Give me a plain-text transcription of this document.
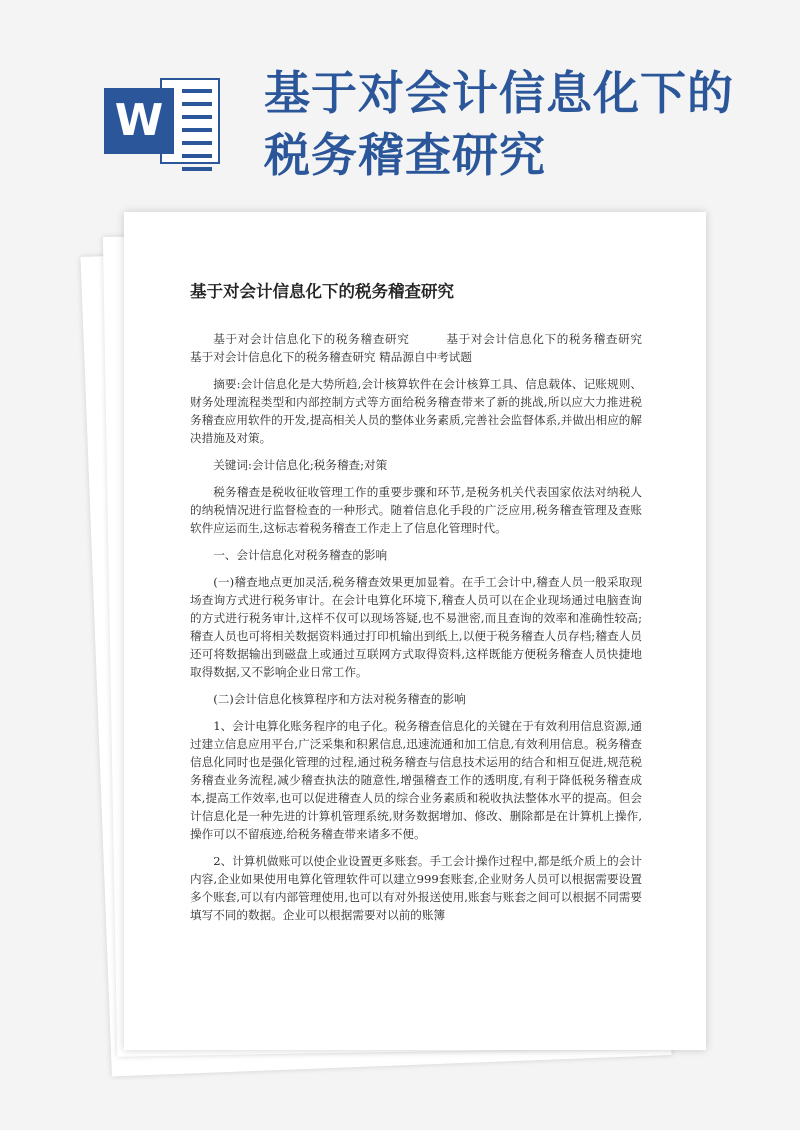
W
基于对会计信息化下的税务稽查研究
基于对会计信息化下的税务稽查研究

基于对会计信息化下的税务稽查研究　　　基于对会计信息化下的税务稽查研究　基于对会计信息化下的税务稽查研究 精品源自中考试题

摘要:会计信息化是大势所趋,会计核算软件在会计核算工具、信息载体、记账规则、财务处理流程类型和内部控制方式等方面给税务稽查带来了新的挑战,所以应大力推进税务稽查应用软件的开发,提高相关人员的整体业务素质,完善社会监督体系,并做出相应的解决措施及对策。

关键词:会计信息化;税务稽查;对策

税务稽查是税收征收管理工作的重要步骤和环节,是税务机关代表国家依法对纳税人的纳税情况进行监督检查的一种形式。随着信息化手段的广泛应用,税务稽查管理及查账软件应运而生,这标志着税务稽查工作走上了信息化管理时代。

一、会计信息化对税务稽查的影响

(一)稽查地点更加灵活,税务稽查效果更加显着。在手工会计中,稽查人员一般采取现场查询方式进行税务审计。在会计电算化环境下,稽查人员可以在企业现场通过电脑查询的方式进行税务审计,这样不仅可以现场答疑,也不易泄密,而且查询的效率和准确性较高;稽查人员也可将相关数据资料通过打印机输出到纸上,以便于税务稽查人员存档;稽查人员还可将数据输出到磁盘上或通过互联网方式取得资料,这样既能方便税务稽查人员快捷地取得数据,又不影响企业日常工作。

(二)会计信息化核算程序和方法对税务稽查的影响

1、会计电算化账务程序的电子化。税务稽查信息化的关键在于有效利用信息资源,通过建立信息应用平台,广泛采集和积累信息,迅速流通和加工信息,有效利用信息。税务稽查信息化同时也是强化管理的过程,通过税务稽查与信息技术运用的结合和相互促进,规范税务稽查业务流程,减少稽查执法的随意性,增强稽查工作的透明度,有利于降低税务稽查成本,提高工作效率,也可以促进稽查人员的综合业务素质和税收执法整体水平的提高。但会计信息化是一种先进的计算机管理系统,财务数据增加、修改、删除都是在计算机上操作,操作可以不留痕迹,给税务稽查带来诸多不便。

2、计算机做账可以使企业设置更多账套。手工会计操作过程中,都是纸介质上的会计内容,企业如果使用电算化管理软件可以建立999套账套,企业财务人员可以根据需要设置多个账套,可以有内部管理使用,也可以有对外报送使用,账套与账套之间可以根据不同需要填写不同的数据。企业可以根据需要对以前的账簿
